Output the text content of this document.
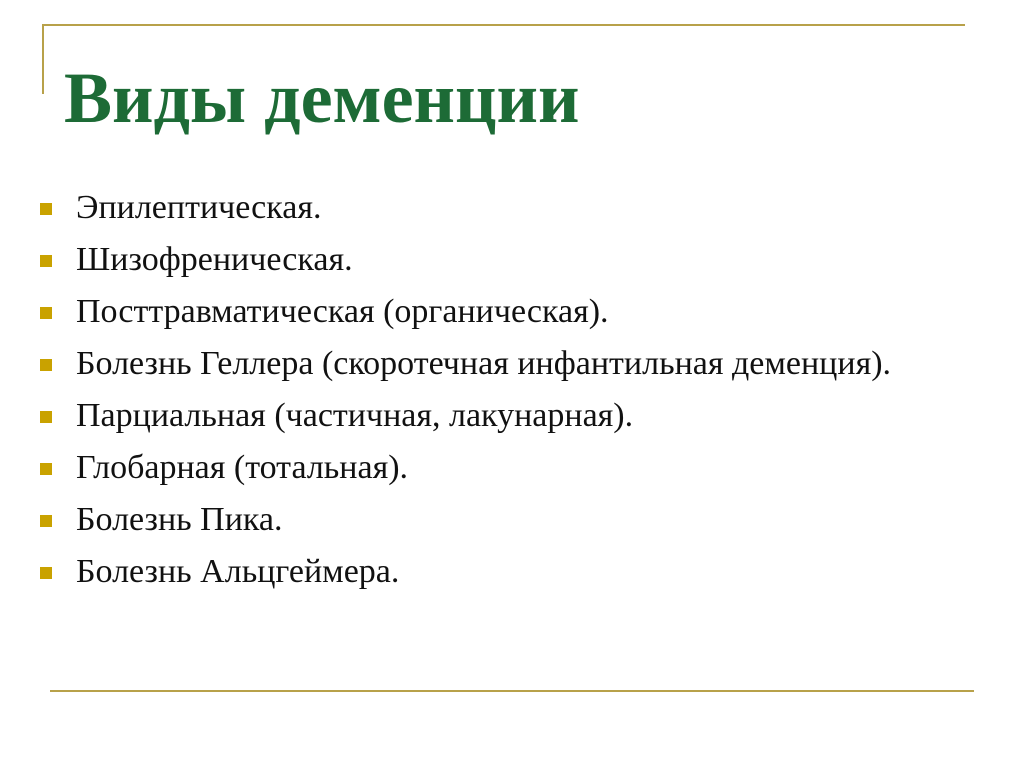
Виды деменции
Эпилептическая.
Шизофреническая.
Посттравматическая (органическая).
Болезнь Геллера (скоротечная инфантильная деменция).
Парциальная (частичная, лакунарная).
Глобарная (тотальная).
Болезнь Пика.
Болезнь Альцгеймера.
